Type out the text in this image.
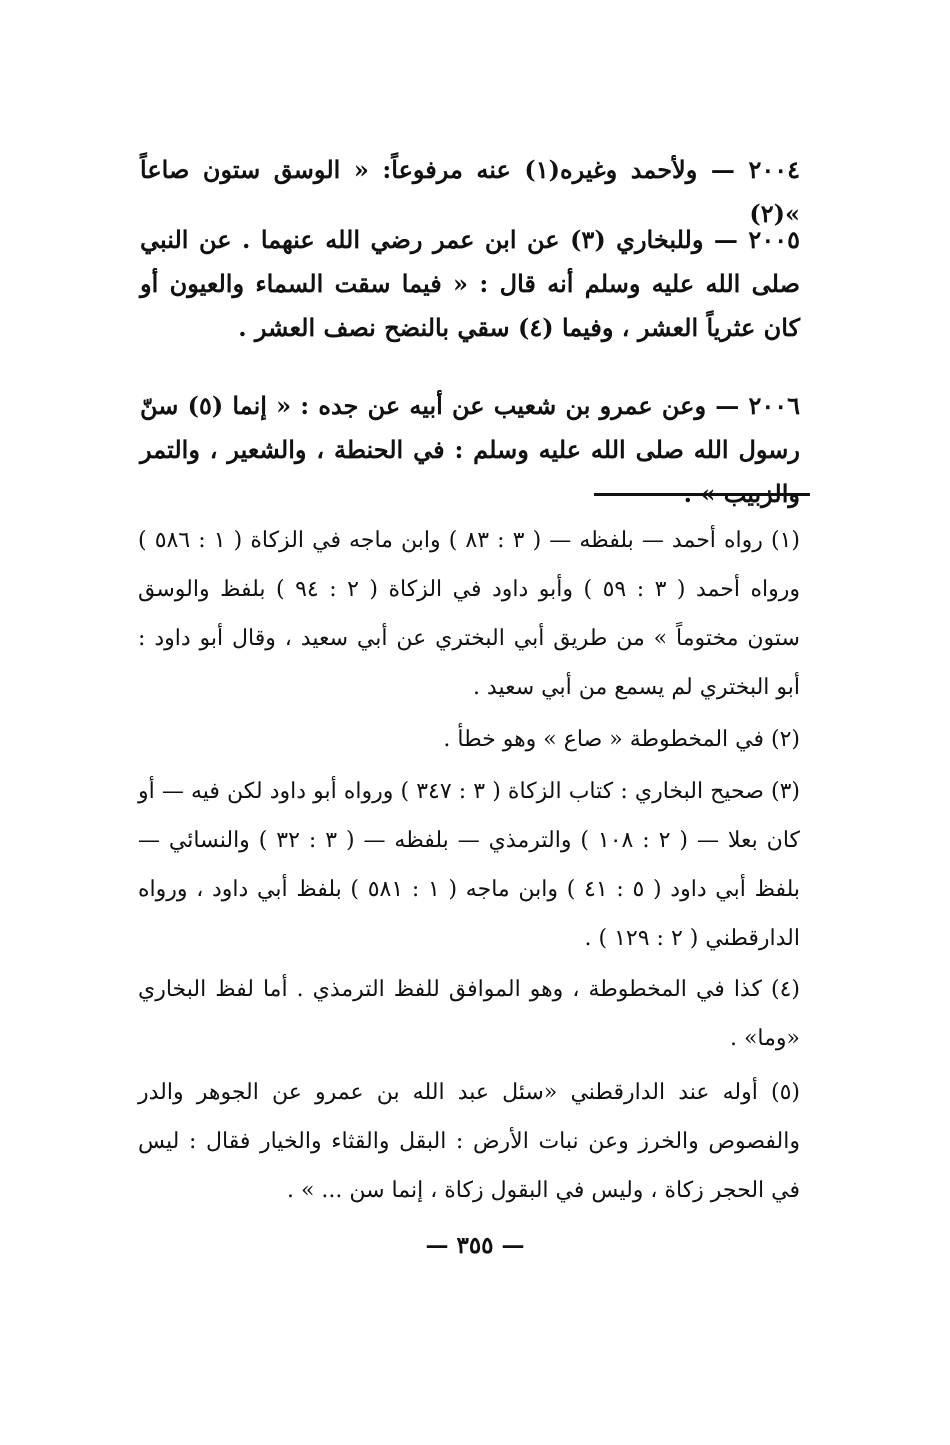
٢٠٠٤ — ولأحمد وغيره(١) عنه مرفوعاً: « الوسق ستون صاعاً »(٢)

٢٠٠٥ — وللبخاري (٣) عن ابن عمر رضي الله عنهما . عن النبي صلى الله عليه وسلم أنه قال : « فيما سقت السماء والعيون أو كان عثرياً العشر ، وفيما (٤) سقي بالنضح نصف العشر .

٢٠٠٦ — وعن عمرو بن شعيب عن أبيه عن جده : « إنما (٥) سنّ رسول الله صلى الله عليه وسلم : في الحنطة ، والشعير ، والتمر والزبيب » .

(١) رواه أحمد — بلفظه — ( ٣ : ٨٣ ) وابن ماجه في الزكاة ( ١ : ٥٨٦ ) ورواه أحمد ( ٣ : ٥٩ ) وأبو داود في الزكاة ( ٢ : ٩٤ ) بلفظ والوسق ستون مختوماً » من طريق أبي البختري عن أبي سعيد ، وقال أبو داود : أبو البختري لم يسمع من أبي سعيد .

(٢) في المخطوطة « صاع » وهو خطأ .

(٣) صحيح البخاري : كتاب الزكاة ( ٣ : ٣٤٧ ) ورواه أبو داود لكن فيه — أو كان بعلا — ( ٢ : ١٠٨ ) والترمذي — بلفظه — ( ٣ : ٣٢ ) والنسائي — بلفظ أبي داود ( ٥ : ٤١ ) وابن ماجه ( ١ : ٥٨١ ) بلفظ أبي داود ، ورواه الدارقطني ( ٢ : ١٢٩ ) .

(٤) كذا في المخطوطة ، وهو الموافق للفظ الترمذي . أما لفظ البخاري «وما» .

(٥) أوله عند الدارقطني «سئل عبد الله بن عمرو عن الجوهر والدر والفصوص والخرز وعن نبات الأرض : البقل والقثاء والخيار فقال : ليس في الحجر زكاة ، وليس في البقول زكاة ، إنما سن ... » .

— ٣٥٥ —
